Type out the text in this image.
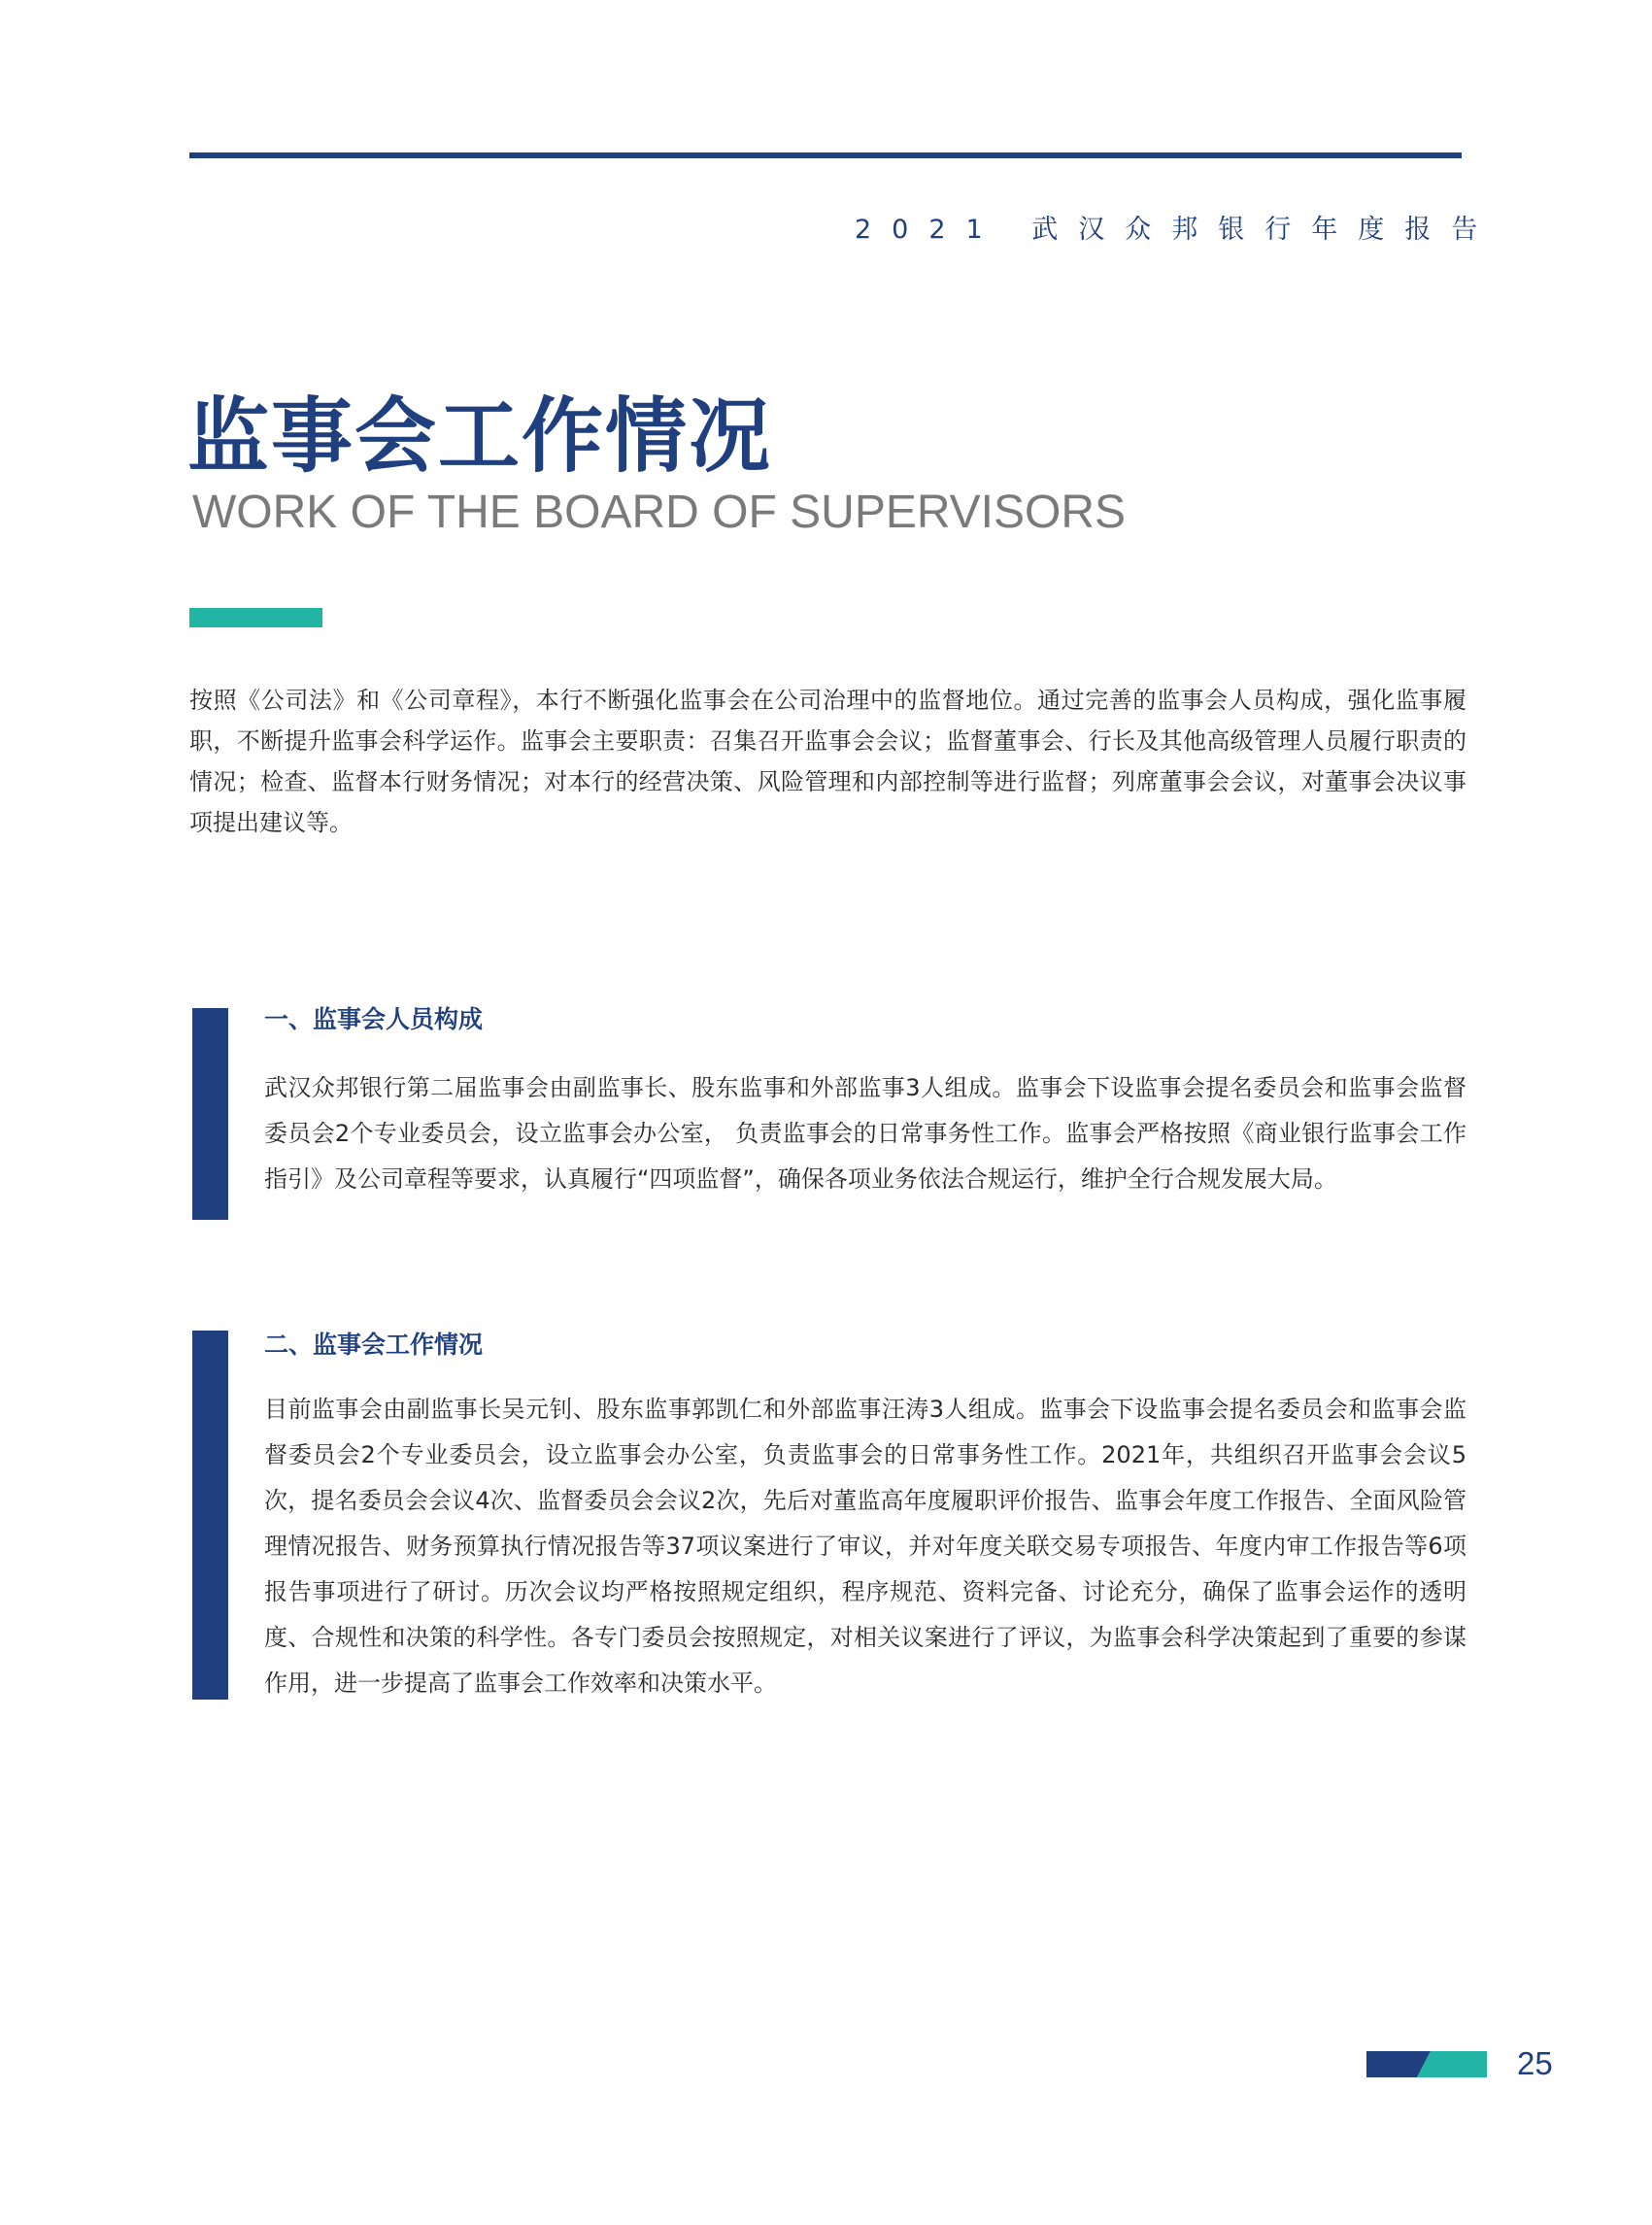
2021 武汉众邦银行年度报告
监事会工作情况
WORK OF THE BOARD OF SUPERVISORS
按照《公司法》和《公司章程》，本行不断强化监事会在公司治理中的监督地位。通过完善的监事会人员构成，强化监事履职，不断提升监事会科学运作。监事会主要职责：召集召开监事会会议；监督董事会、行长及其他高级管理人员履行职责的情况；检查、监督本行财务情况；对本行的经营决策、风险管理和内部控制等进行监督；列席董事会会议，对董事会决议事项提出建议等。
一、监事会人员构成
武汉众邦银行第二届监事会由副监事长、股东监事和外部监事3人组成。监事会下设监事会提名委员会和监事会监督委员会2个专业委员会，设立监事会办公室， 负责监事会的日常事务性工作。监事会严格按照《商业银行监事会工作指引》及公司章程等要求，认真履行“四项监督”，确保各项业务依法合规运行，维护全行合规发展大局。
二、监事会工作情况
目前监事会由副监事长吴元钊、股东监事郭凯仁和外部监事汪涛3人组成。监事会下设监事会提名委员会和监事会监督委员会2个专业委员会，设立监事会办公室，负责监事会的日常事务性工作。2021年，共组织召开监事会会议5次，提名委员会会议4次、监督委员会会议2次，先后对董监高年度履职评价报告、监事会年度工作报告、全面风险管理情况报告、财务预算执行情况报告等37项议案进行了审议，并对年度关联交易专项报告、年度内审工作报告等6项报告事项进行了研讨。历次会议均严格按照规定组织，程序规范、资料完备、讨论充分，确保了监事会运作的透明度、合规性和决策的科学性。各专门委员会按照规定，对相关议案进行了评议，为监事会科学决策起到了重要的参谋作用，进一步提高了监事会工作效率和决策水平。
25
